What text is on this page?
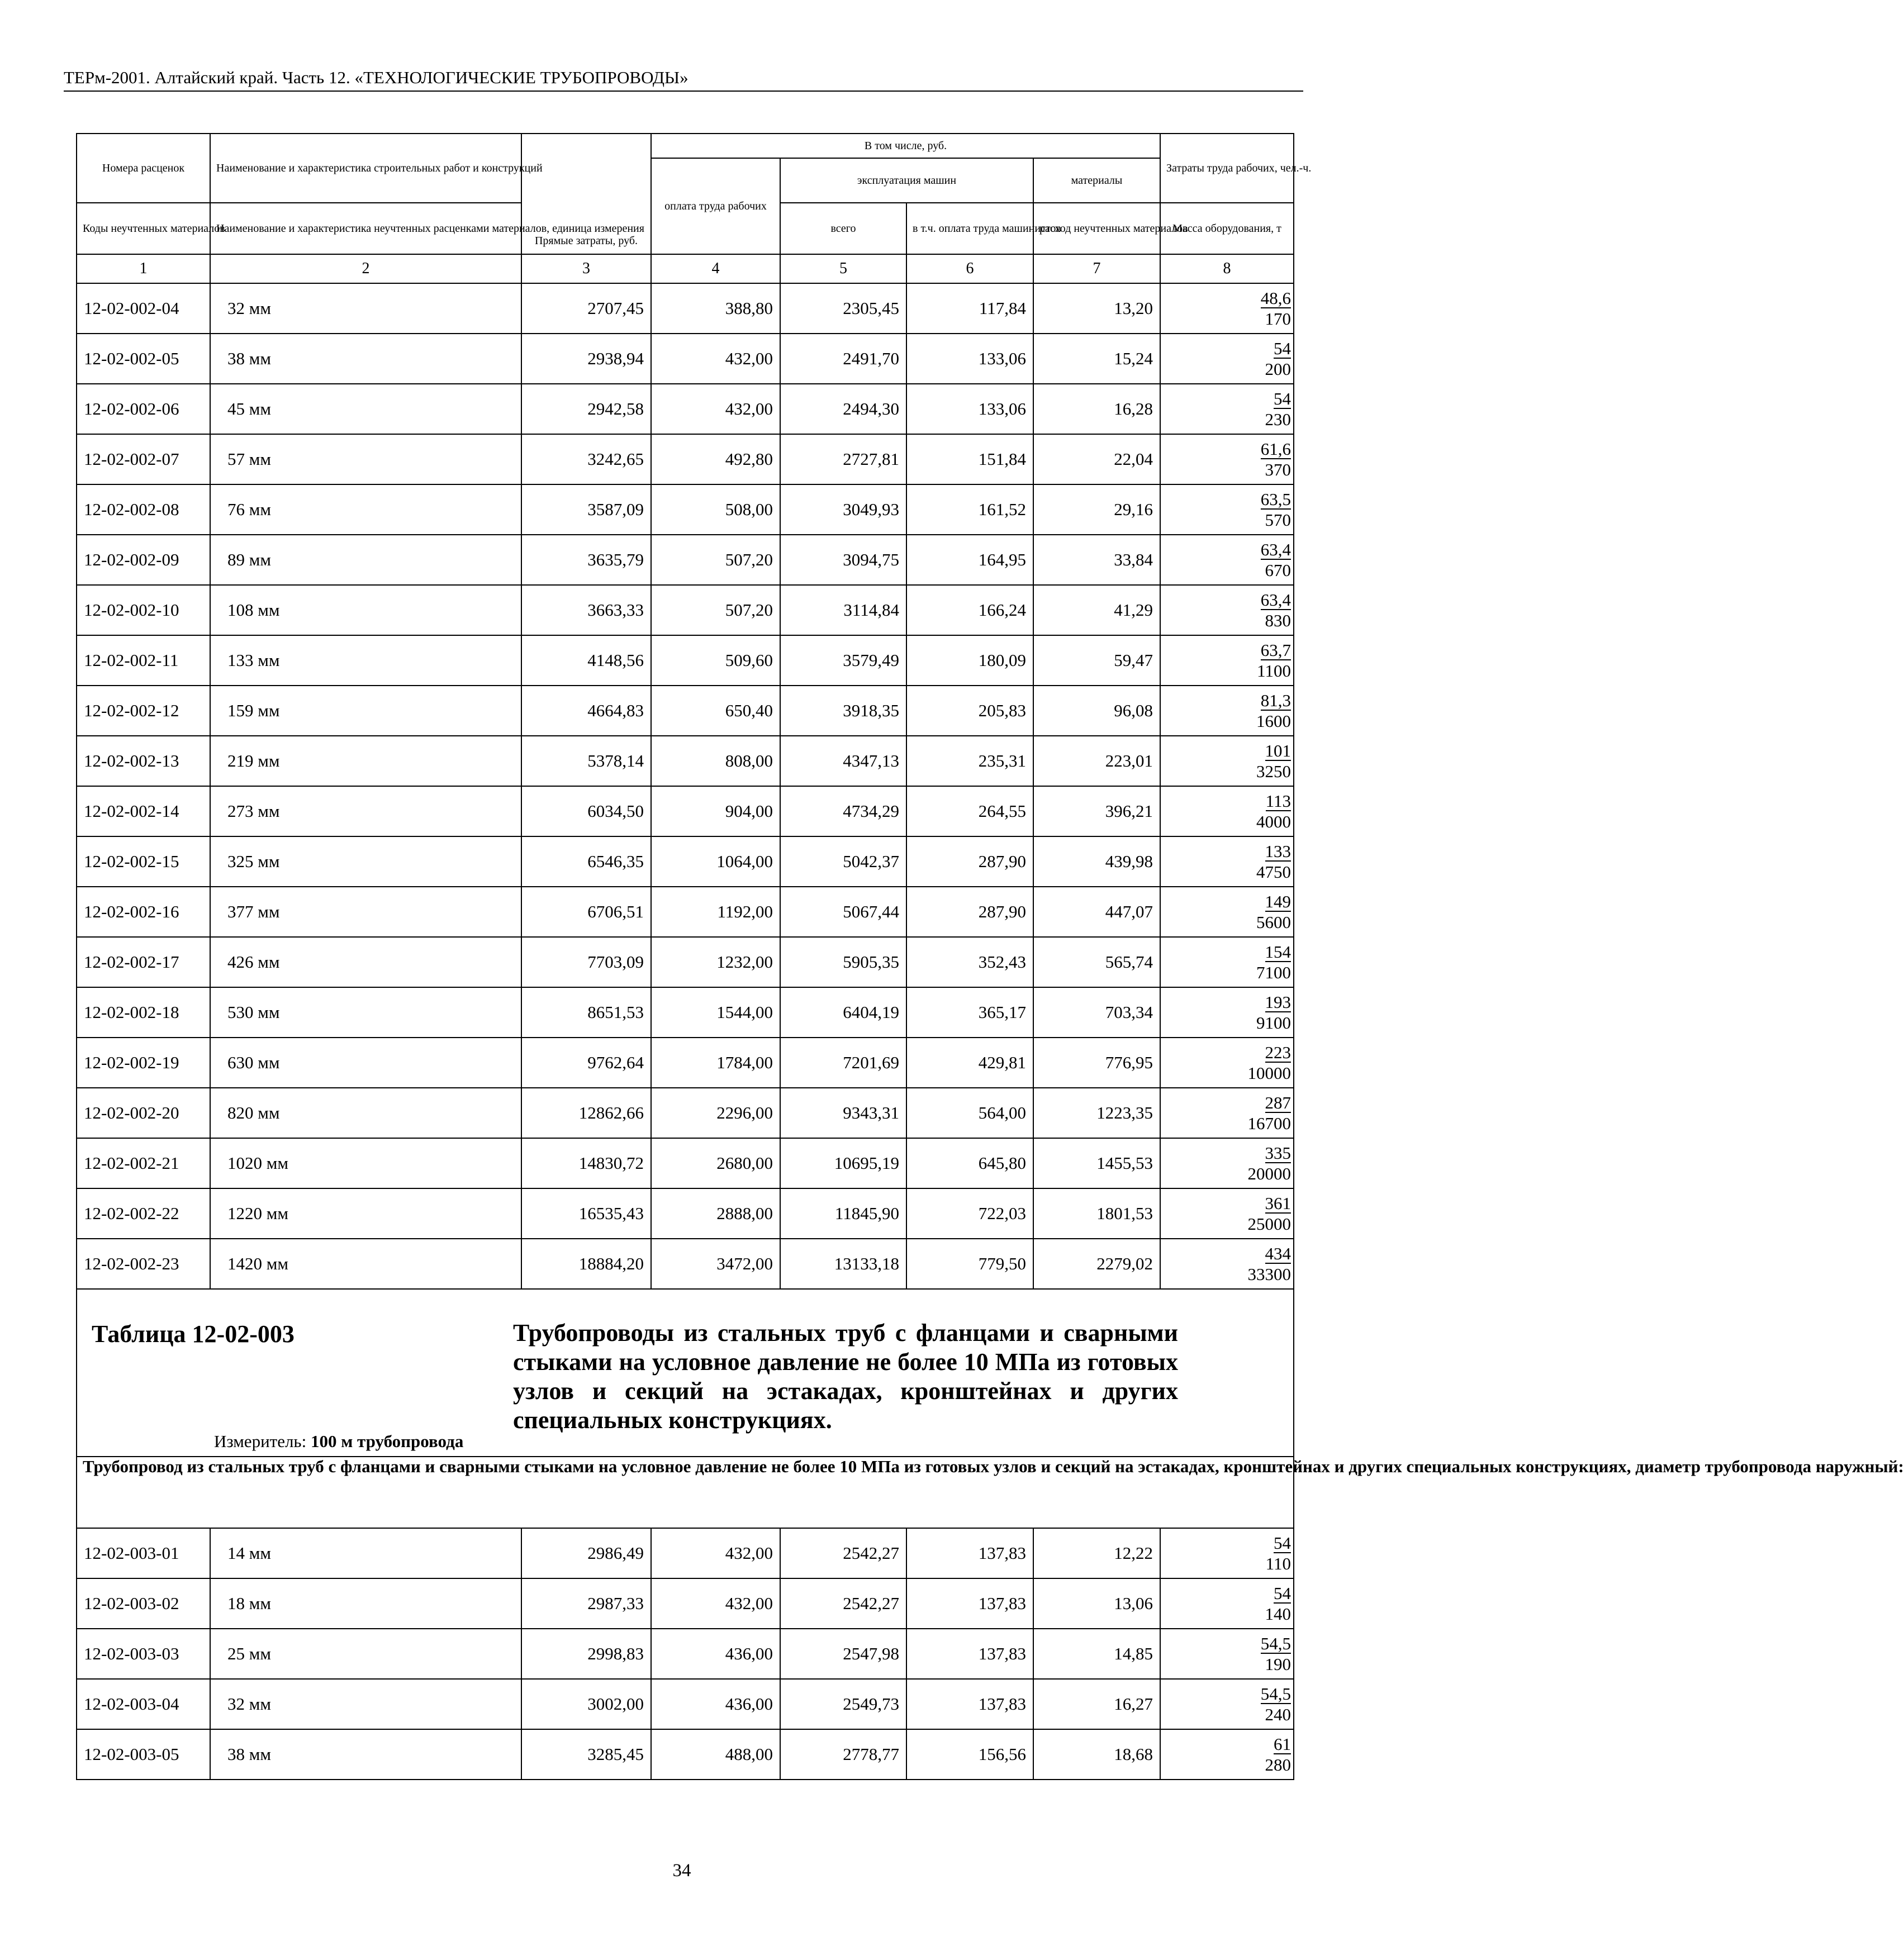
ТЕРм-2001. Алтайский край. Часть 12. «ТЕХНОЛОГИЧЕСКИЕ ТРУБОПРОВОДЫ»
Номера расценок	Наименование и характеристика строительных работ и конструкций	Прямые затраты, руб.	В том числе, руб.				Затраты труда рабочих, чел.-ч.
			оплата труда рабочих	эксплуатация машин		материалы	
Коды неучтенных материалов	Наименование и характеристика неучтенных расценками материалов, единица измерения			всего	в т.ч. оплата труда машинистов	расход неучтенных материалов	Масса оборудования, т
1	2	3	4	5	6	7	8
12-02-002-04	32 мм	2707,45	388,80	2305,45	117,84	13,20	$\frac{48,6}{170}$

12-02-002-05	38 мм	2938,94	432,00	2491,70	133,06	15,24	$\frac{54}{200}$

12-02-002-06	45 мм	2942,58	432,00	2494,30	133,06	16,28	$\frac{54}{230}$

12-02-002-07	57 мм	3242,65	492,80	2727,81	151,84	22,04	$\frac{61,6}{370}$

12-02-002-08	76 мм	3587,09	508,00	3049,93	161,52	29,16	$\frac{63,5}{570}$

12-02-002-09	89 мм	3635,79	507,20	3094,75	164,95	33,84	$\frac{63,4}{670}$

12-02-002-10	108 мм	3663,33	507,20	3114,84	166,24	41,29	$\frac{63,4}{830}$

12-02-002-11	133 мм	4148,56	509,60	3579,49	180,09	59,47	$\frac{63,7}{1100}$

12-02-002-12	159 мм	4664,83	650,40	3918,35	205,83	96,08	$\frac{81,3}{1600}$

12-02-002-13	219 мм	5378,14	808,00	4347,13	235,31	223,01	$\frac{101}{3250}$

12-02-002-14	273 мм	6034,50	904,00	4734,29	264,55	396,21	$\frac{113}{4000}$

12-02-002-15	325 мм	6546,35	1064,00	5042,37	287,90	439,98	$\frac{133}{4750}$

12-02-002-16	377 мм	6706,51	1192,00	5067,44	287,90	447,07	$\frac{149}{5600}$

12-02-002-17	426 мм	7703,09	1232,00	5905,35	352,43	565,74	$\frac{154}{7100}$

12-02-002-18	530 мм	8651,53	1544,00	6404,19	365,17	703,34	$\frac{193}{9100}$

12-02-002-19	630 мм	9762,64	1784,00	7201,69	429,81	776,95	$\frac{223}{10000}$

12-02-002-20	820 мм	12862,66	2296,00	9343,31	564,00	1223,35	$\frac{287}{16700}$

12-02-002-21	1020 мм	14830,72	2680,00	10695,19	645,80	1455,53	$\frac{335}{20000}$

12-02-002-22	1220 мм	16535,43	2888,00	11845,90	722,03	1801,53	$\frac{361}{25000}$

12-02-002-23	1420 мм	18884,20	3472,00	13133,18	779,50	2279,02	$\frac{434}{33300}$

Таблица 12-02-003 Трубопроводы из стальных труб с фланцами и сварными стыками на условное давление не более 10 МПа из готовых узлов и секций на эстакадах, кронштейнах и других специальных конструкциях.
Измеритель: 100 м трубопровода							

Трубопровод из стальных труб с фланцами и сварными стыками на условное давление не более 10 МПа из готовых узлов и секций на эстакадах, кронштейнах и других специальных конструкциях, диаметр трубопровода наружный:							
12-02-003-01	14 мм	2986,49	432,00	2542,27	137,83	12,22	$\frac{54}{110}$

12-02-003-02	18 мм	2987,33	432,00	2542,27	137,83	13,06	$\frac{54}{140}$

12-02-003-03	25 мм	2998,83	436,00	2547,98	137,83	14,85	$\frac{54,5}{190}$

12-02-003-04	32 мм	3002,00	436,00	2549,73	137,83	16,27	$\frac{54,5}{240}$

12-02-003-05	38 мм	3285,45	488,00	2778,77	156,56	18,68	$\frac{61}{280}$
34
